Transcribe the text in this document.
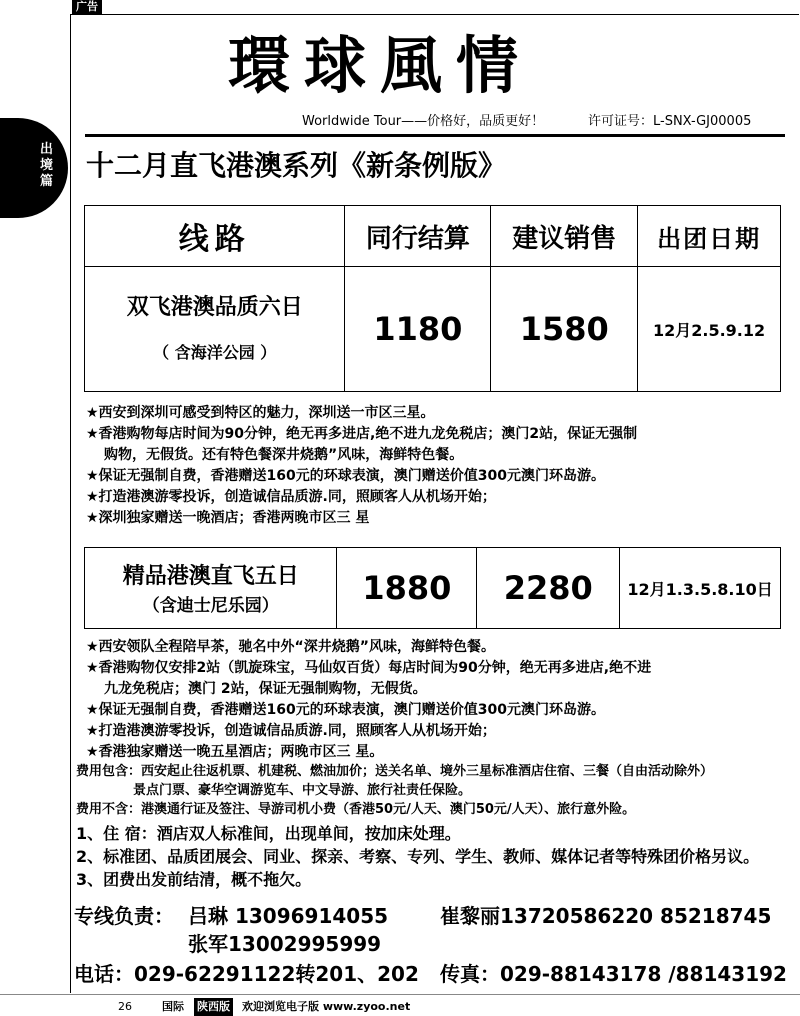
广告
出境篇
環球風情
Worldwide Tour——价格好，品质更好！	许可证号：L-SNX-GJ00005
十二月直飞港澳系列《新条例版》
线路	同行结算	建议销售	出团日期

双飞港澳品质六日
（ 含海洋公园 ）	1180	1580	12月2.5.9.12
★西安到深圳可感受到特区的魅力，深圳送一市区三星。
★香港购物每店时间为90分钟，绝无再多进店,绝不进九龙免税店；澳门2站，保证无强制
购物，无假货。还有特色餐深井烧鹅”风味，海鲜特色餐。
★保证无强制自费，香港赠送160元的环球表演，澳门赠送价值300元澳门环岛游。
★打造港澳游零投诉，创造诚信品质游.同，照顾客人从机场开始；
★深圳独家赠送一晚酒店；香港两晚市区三 星
精品港澳直飞五日
（含迪士尼乐园）	1880	2280	12月1.3.5.8.10日
★西安领队全程陪早茶，驰名中外“深井烧鹅”风味，海鲜特色餐。
★香港购物仅安排2站（凯旋珠宝，马仙奴百货）每店时间为90分钟，绝无再多进店,绝不进
九龙免税店；澳门 2站，保证无强制购物，无假货。
★保证无强制自费，香港赠送160元的环球表演，澳门赠送价值300元澳门环岛游。
★打造港澳游零投诉，创造诚信品质游.同，照顾客人从机场开始；
★香港独家赠送一晚五星酒店；两晚市区三 星。
费用包含：西安起止往返机票、机建税、燃油加价；送关名单、境外三星标准酒店住宿、三餐（自由活动除外）
景点门票、豪华空调游览车、中文导游、旅行社责任保险。
费用不含：港澳通行证及签注、导游司机小费（香港50元/人天、澳门50元/人天）、旅行意外险。
1、住 宿：酒店双人标准间，出现单间，按加床处理。
2、标准团、品质团展会、同业、探亲、考察、专列、学生、教师、媒体记者等特殊团价格另议。
3、团费出发前结清，概不拖欠。
专线负责： 吕琳 13096914055	崔黎丽13720586220 85218745
张军13002995999
电话：029-62291122转201、202 传真：029-88143178 /88143192
26	国际 陕西版 欢迎浏览电子版 www.zyoo.net
